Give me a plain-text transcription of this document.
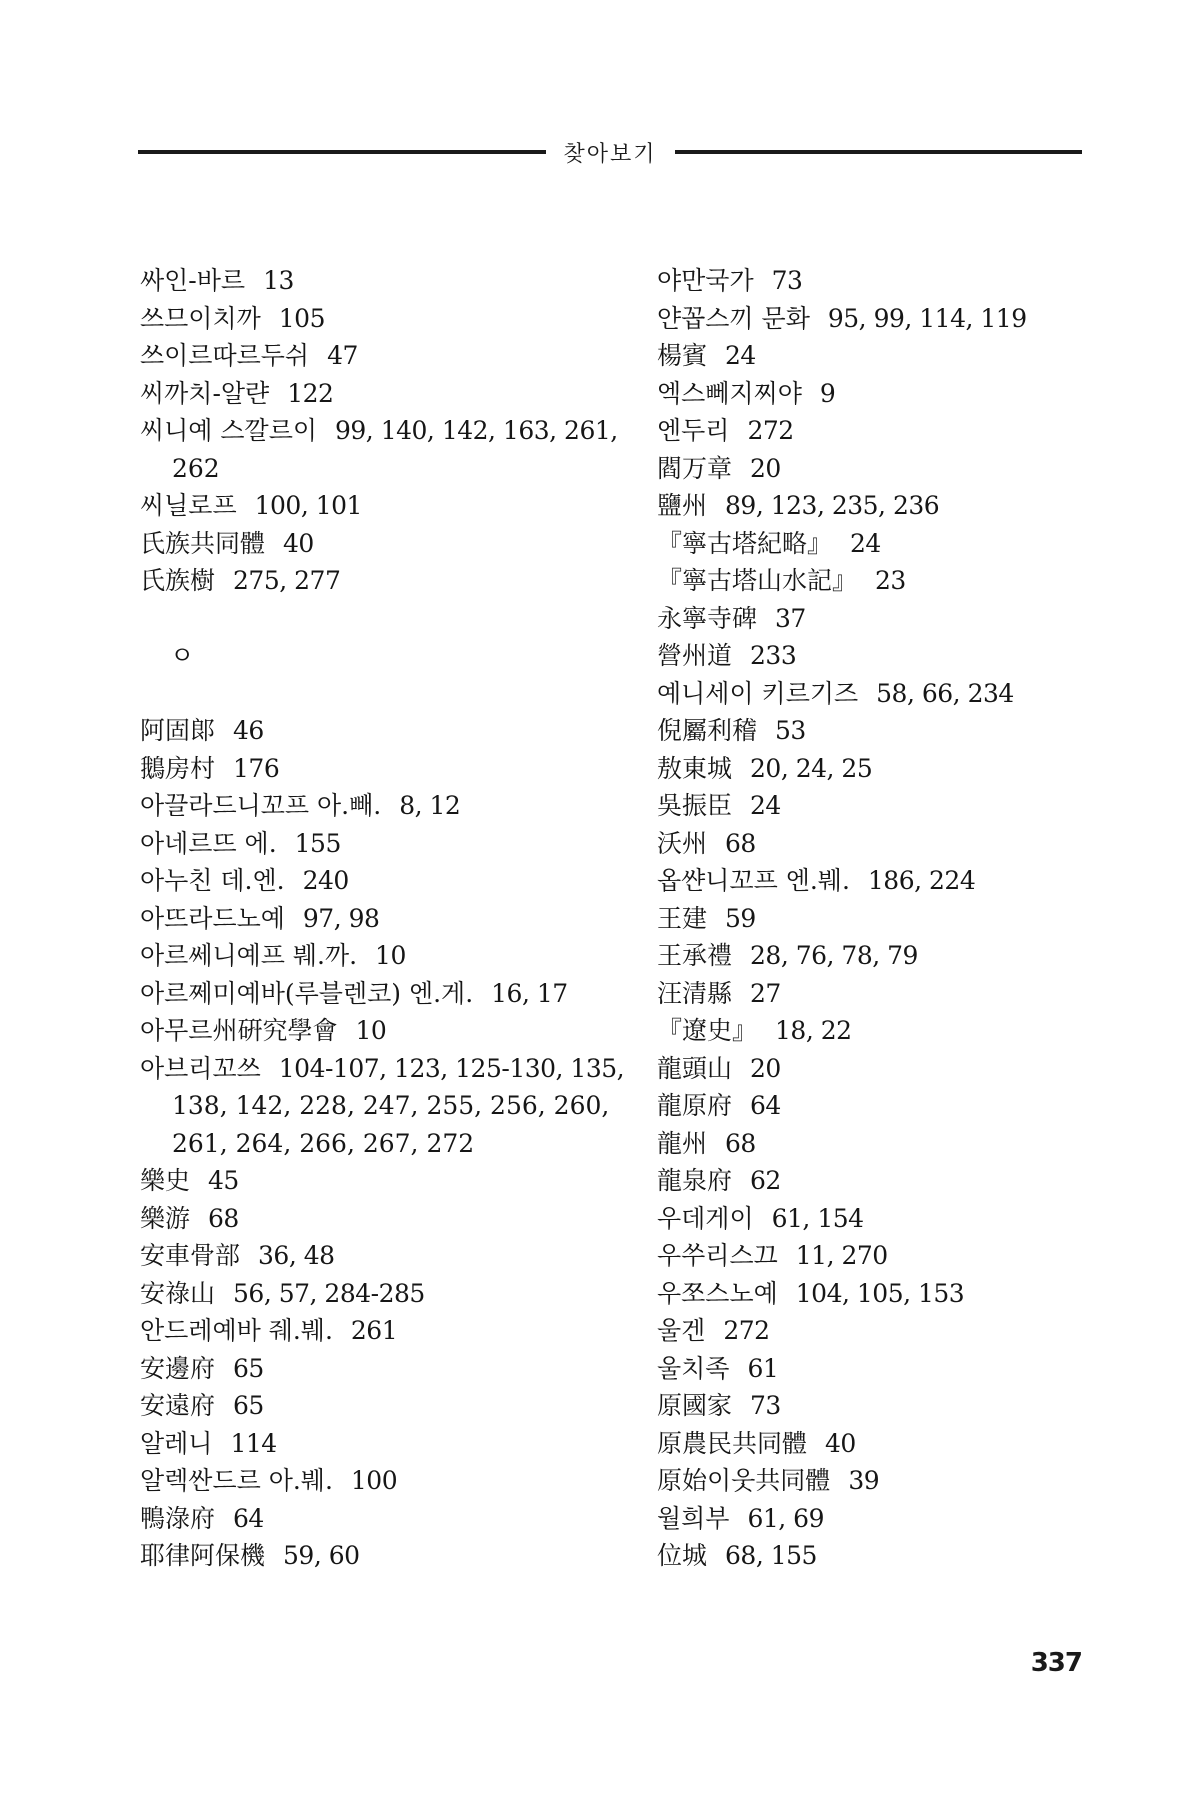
찾아보기
싸인-바르 13
쓰므이치까 105
쓰이르따르두쉬 47
씨까치-알랸 122
씨니예 스깔르이 99, 140, 142, 163, 261,
262
씨닐로프 100, 101
氏族共同體 40
氏族樹 275, 277
ㅇ
阿固郞 46
鵝房村 176
아끌라드니꼬프 아.빼. 8, 12
아네르뜨 에. 155
아누친 데.엔. 240
아뜨라드노예 97, 98
아르쎄니예프 붸.까. 10
아르쩨미예바(루블렌코) 엔.게. 16, 17
아무르州硏究學會 10
아브리꼬쓰 104-107, 123, 125-130, 135,
138, 142, 228, 247, 255, 256, 260, 261, 264, 266, 267, 272
樂史 45
樂游 68
安車骨部 36, 48
安祿山 56, 57, 284-285
안드레예바 줴.붸. 261
安邊府 65
安遠府 65
알레니 114
알렉싼드르 아.붸. 100
鴨淥府 64
耶律阿保機 59, 60
야만국가 73
얀꼽스끼 문화 95, 99, 114, 119
楊賓 24
엑스뻬지찌야 9
엔두리 272
閻万章 20
鹽州 89, 123, 235, 236
『寧古塔紀略』 24
『寧古塔山水記』 23
永寧寺碑 37
營州道 233
예니세이 키르기즈 58, 66, 234
倪屬利稽 53
敖東城 20, 24, 25
吳振臣 24
沃州 68
옵쌴니꼬프 엔.붸. 186, 224
王建 59
王承禮 28, 76, 78, 79
汪清縣 27
『遼史』 18, 22
龍頭山 20
龍原府 64
龍州 68
龍泉府 62
우데게이 61, 154
우쑤리스끄 11, 270
우쪼스노예 104, 105, 153
울겐 272
울치족 61
原國家 73
原農民共同體 40
原始이웃共同體 39
월희부 61, 69
位城 68, 155
337
